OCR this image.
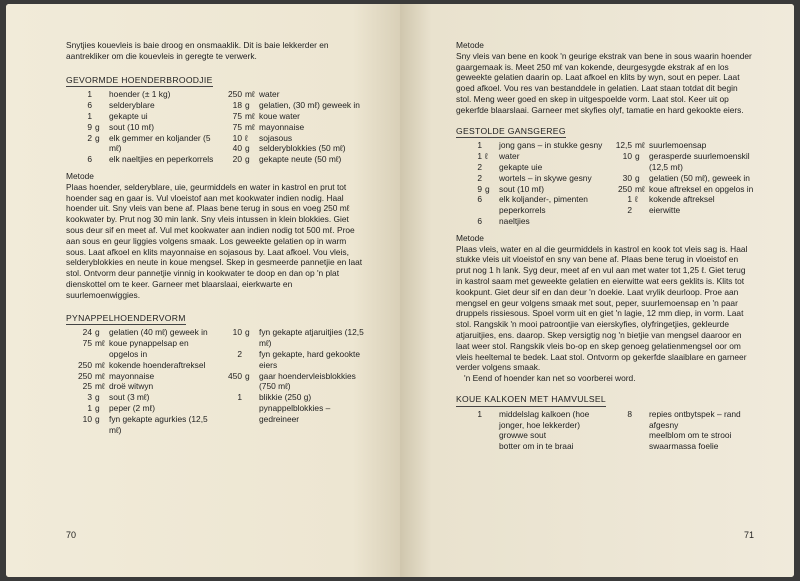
Snytjies kouevleis is baie droog en onsmaaklik. Dit is baie lekkerder en aantrekliker om die kouevleis in geregte te verwerk.

GEVORMDE HOENDERBROODJIE
1	hoender (± 1 kg)
6	selderyblare
1	gekapte ui
9 g	sout (10 mℓ)
2 g	elk gemmer en koljander (5 mℓ)
6	elk naeltjies en peperkorrels
250 mℓ water
18 g	gelatien, (30 mℓ) geweek in
75 mℓ koue water
75 mℓ mayonnaise
10 ℓ	sojasous
40 g	selderyblokkies (50 mℓ)
20 g	gekapte neute (50 mℓ)

Metode

Plaas hoender, selderyblare, uie, geurmiddels en water in kastrol en prut tot hoender sag en gaar is. Vul vloeistof aan met kookwater indien nodig. Haal hoender uit. Sny vleis van bene af. Plaas bene terug in sous en voeg 250 mℓ kookwater by. Prut nog 30 min lank. Sny vleis intussen in klein blokkies. Giet sous deur sif en meet af. Vul met kookwater aan indien nodig tot 500 mℓ. Proe aan sous en geur liggies volgens smaak. Los geweekte gelatien op in warm sous. Laat afkoel en klits mayonnaise en sojasous by. Laat afkoel. Vou vleis, selderyblokkies en neute in koue mengsel. Skep in gesmeerde pannetjie en laat stol. Ontvorm deur pannetjie vinnig in kookwater te doop en dan op 'n plat dienskottel om te keer. Garneer met blaarslaai, eierkwarte en suurlemoenwiggies.

PYNAPPELHOENDERVORM
24 g	gelatien (40 mℓ) geweek in
75 mℓ koue pynappelsap en opgelos in
250 mℓ kokende hoenderaftreksel
250 mℓ mayonnaise
25 mℓ droë witwyn
3 g	sout (3 mℓ)
1 g	peper (2 mℓ)
10 g	fyn gekapte agurkies (12,5 mℓ)
10 g	fyn gekapte atjaruitjies (12,5 mℓ)
2	fyn gekapte, hard gekookte eiers
450 g	gaar hoendervleisblokkies (750 mℓ)
1	blikkie (250 g) pynappelblokkies – gedreineer
70

Metode

Sny vleis van bene en kook 'n geurige ekstrak van bene in sous waarin hoender gaargemaak is. Meet 250 mℓ van kokende, deurgesygde ekstrak af en los geweekte gelatien daarin op. Laat afkoel en klits by wyn, sout en peper. Laat goed afkoel. Vou res van bestanddele in gelatien. Laat staan totdat dit begin stol. Meng weer goed en skep in uitgespoelde vorm. Laat stol. Keer uit op gekerfde blaarslaai. Garneer met skyfies olyf, tamatie en hard gekookte eiers.

GESTOLDE GANSGEREG
1	jong gans – in stukke gesny
1 ℓ	water
2	gekapte uie
2	wortels – in skywe gesny
9 g	sout (10 mℓ)
6	elk koljander-, pimenten peperkorrels
6	naeltjies
12,5 mℓ suurlemoensap
10 g	gerasperde suurlemoenskil (12,5 mℓ)
30 g	gelatien (50 mℓ), geweek in
250 mℓ koue aftreksel en opgelos in
1 ℓ	kokende aftreksel
2	eierwitte

Metode

Plaas vleis, water en al die geurmiddels in kastrol en kook tot vleis sag is. Haal stukke vleis uit vloeistof en sny van bene af. Plaas bene terug in vloeistof en prut nog 1 h lank. Syg deur, meet af en vul aan met water tot 1,25 ℓ. Giet terug in kastrol saam met geweekte gelatien en eierwitte wat eers geklits is. Klits tot kookpunt. Giet deur sif en dan deur 'n doekie. Laat vrylik deurloop. Proe aan mengsel en geur volgens smaak met sout, peper, suurlemoensap en 'n paar druppels rissiesous. Spoel vorm uit en giet 'n lagie, 12 mm diep, in vorm. Laat stol. Rangskik 'n mooi patroontjie van eierskyfies, olyfringetjies, gekleurde atjaruitjies, ens. daarop. Skep versigtig nog 'n bietjie van mengsel daaroor en laat weer stol. Rangskik vleis bo-op en skep genoeg gelatienmengsel oor om vleis heeltemal te bedek. Laat stol. Ontvorm op gekerfde slaaiblare en garneer verder volgens smaak.

'n Eend of hoender kan net so voorberei word.

KOUE KALKOEN MET HAMVULSEL
1	middelslag kalkoen (hoe jonger, hoe lekkerder)
growwe sout
botter om in te braai
8	repies ontbytspek – rand afgesny
meelblom om te strooi
swaarmassa foelie
71
